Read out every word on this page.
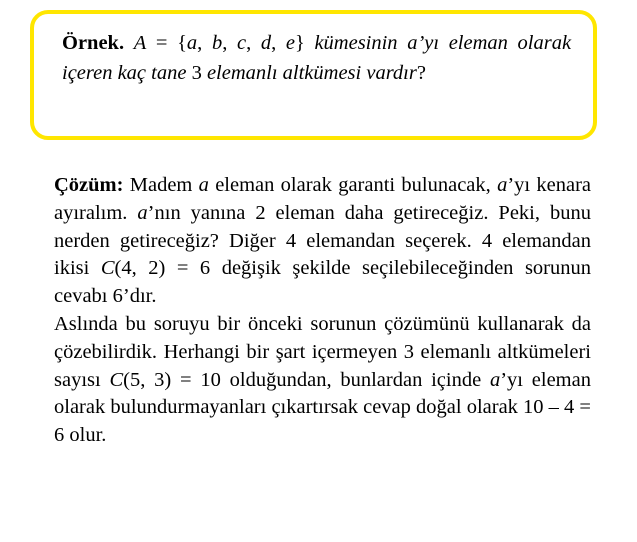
Örnek. A = {a, b, c, d, e} kümesinin a’yı eleman olarak içeren kaç tane 3 elemanlı altkümesi vardır?

Çözüm: Madem a eleman olarak garanti bulunacak, a’yı kenara ayıralım. a’nın yanına 2 eleman daha getireceğiz. Peki, bunu nerden getireceğiz? Diğer 4 elemandan seçerek. 4 elemandan ikisi C(4, 2) = 6 değişik şekilde seçilebileceğinden sorunun cevabı 6’dır.

Aslında bu soruyu bir önceki sorunun çözümünü kullanarak da çözebilirdik. Herhangi bir şart içermeyen 3 elemanlı altkümeleri sayısı C(5, 3) = 10 olduğundan, bunlardan içinde a’yı eleman olarak bulundurmayanları çıkartırsak cevap doğal olarak 10 – 4 = 6 olur.
